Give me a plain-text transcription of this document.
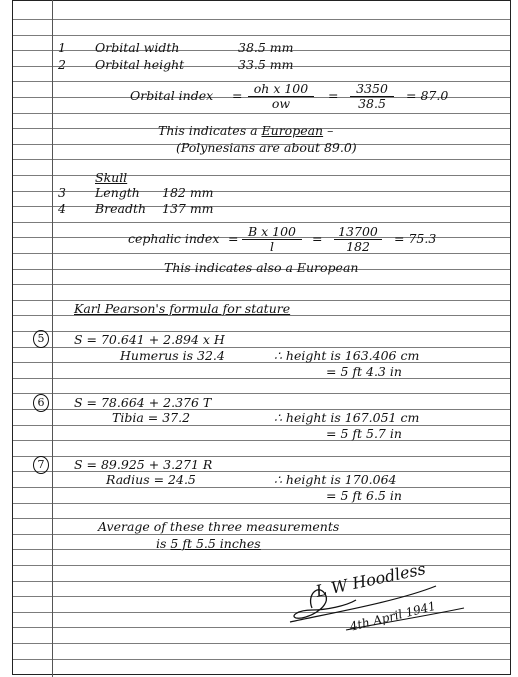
1 Orbital width	38.5 mm
2 Orbital height	33.5 mm
Orbital index = $\frac{\text{oh x 100}}{ow} = \frac{3350}{38.5} = 87.0$
This indicates a European –
(Polynesians are about 89.0)
Skull
3 Length 182 mm
4 Breadth 137 mm
cephalic index = $\frac{\text{B x 100}}{l} = \frac{13700}{182} = 75.3$
This indicates also a European
Karl Pearson's formula for stature
5	S = 70.641 + 2.894 x H
Humerus is 32.4	∴ height is 163.406 cm
= 5 ft 4.3 in
6	S = 78.664 + 2.376 T
Tibia = 37.2	∴ height is 167.051 cm
= 5 ft 5.7 in
7	S = 89.925 + 3.271 R
Radius = 24.5	∴ height is 170.064
= 5 ft 6.5 in
Average of these three measurements
is 5 ft 5.5 inches
L W Hoodless
4th April 1941
